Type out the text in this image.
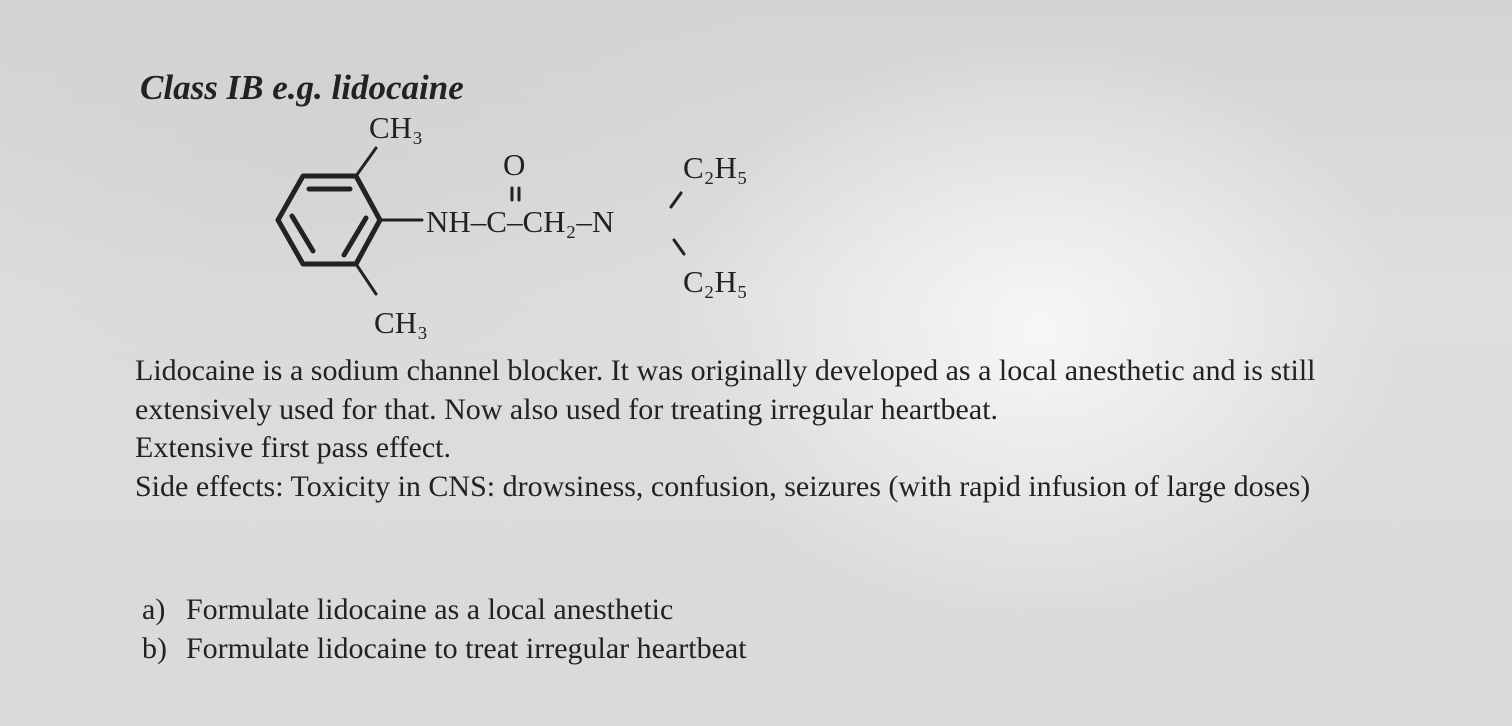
Class IB e.g. lidocaine
CH₃
O	C₂H₅
NH–C–CH₂–N
C₂H₅
CH₃

Lidocaine is a sodium channel blocker. It was originally developed as a local anesthetic and is still extensively used for that. Now also used for treating irregular heartbeat.

Extensive first pass effect.

Side effects: Toxicity in CNS: drowsiness, confusion, seizures (with rapid infusion of large doses)

a) Formulate lidocaine as a local anesthetic
b) Formulate lidocaine to treat irregular heartbeat
